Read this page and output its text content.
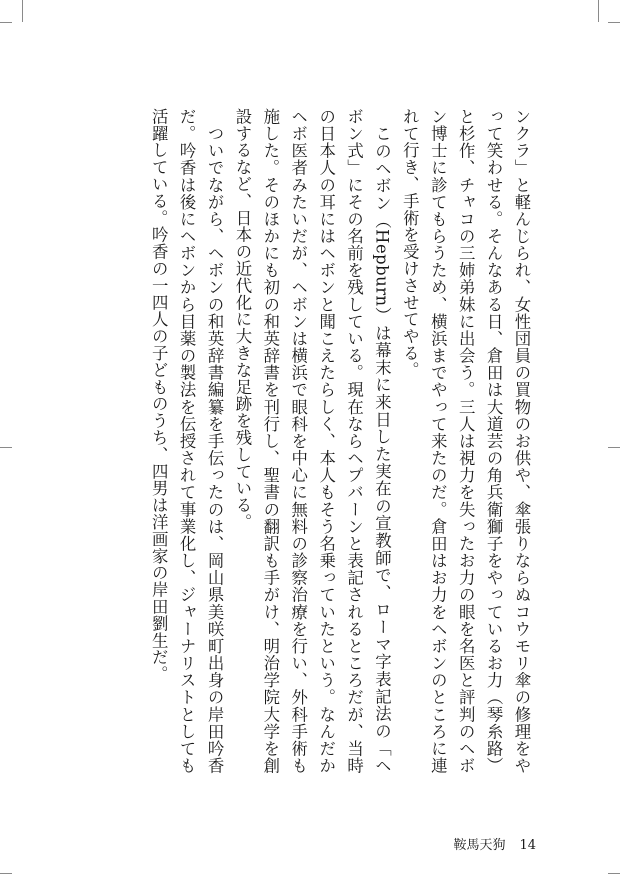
ンクラ」と軽んじられ、女性団員の買物のお供や、傘張りならぬコウモリ傘の修理をやって笑わせる。そんなある日、倉田は大道芸の角兵衛獅子をやっているお力（琴糸路）と杉作、チャコの三姉弟妹に出会う。三人は視力を失ったお力の眼を名医と評判のヘボン博士に診てもらうため、横浜までやって来たのだ。倉田はお力をヘボンのところに連れて行き、手術を受けさせてやる。

　このヘボン（Hepburn）は幕末に来日した実在の宣教師で、ローマ字表記法の「ヘボン式」にその名前を残している。現在ならヘプバーンと表記されるところだが、当時の日本人の耳にはヘボンと聞こえたらしく、本人もそう名乗っていたという。なんだかヘボ医者みたいだが、ヘボンは横浜で眼科を中心に無料の診察治療を行い、外科手術も施した。そのほかにも初の和英辞書を刊行し、聖書の翻訳も手がけ、明治学院大学を創設するなど、日本の近代化に大きな足跡を残している。

　ついでながら、ヘボンの和英辞書編纂を手伝ったのは、岡山県美咲町出身の岸田吟香だ。吟香は後にヘボンから目薬の製法を伝授されて事業化し、ジャーナリストとしても活躍している。吟香の一四人の子どものうち、四男は洋画家の岸田劉生だ。

鞍馬天狗 14
